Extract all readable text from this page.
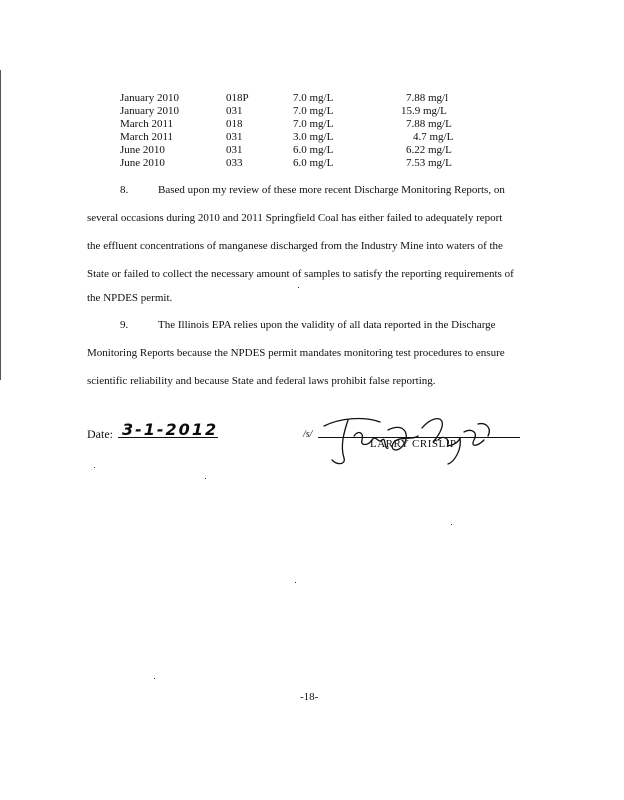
January 2010	018P	7.0 mg/L	7.88 mg/l
January 2010	031	7.0 mg/L	15.9 mg/L
March 2011	018	7.0 mg/L	7.88 mg/L
March 2011	031	3.0 mg/L	4.7 mg/L
June 2010	031	6.0 mg/L	6.22 mg/L
June 2010	033	6.0 mg/L	7.53 mg/L
8.	Based upon my review of these more recent Discharge Monitoring Reports, on
several occasions during 2010 and 2011 Springfield Coal has either failed to adequately report
the effluent concentrations of manganese discharged from the Industry Mine into waters of the
State or failed to collect the necessary amount of samples to satisfy the reporting requirements of
the NPDES permit.
9.	The Illinois EPA relies upon the validity of all data reported in the Discharge
Monitoring Reports because the NPDES permit mandates monitoring test procedures to ensure
scientific reliability and because State and federal laws prohibit false reporting.
Date: 3-1-2012	/s/
LARRY CRISLIP
-18-
